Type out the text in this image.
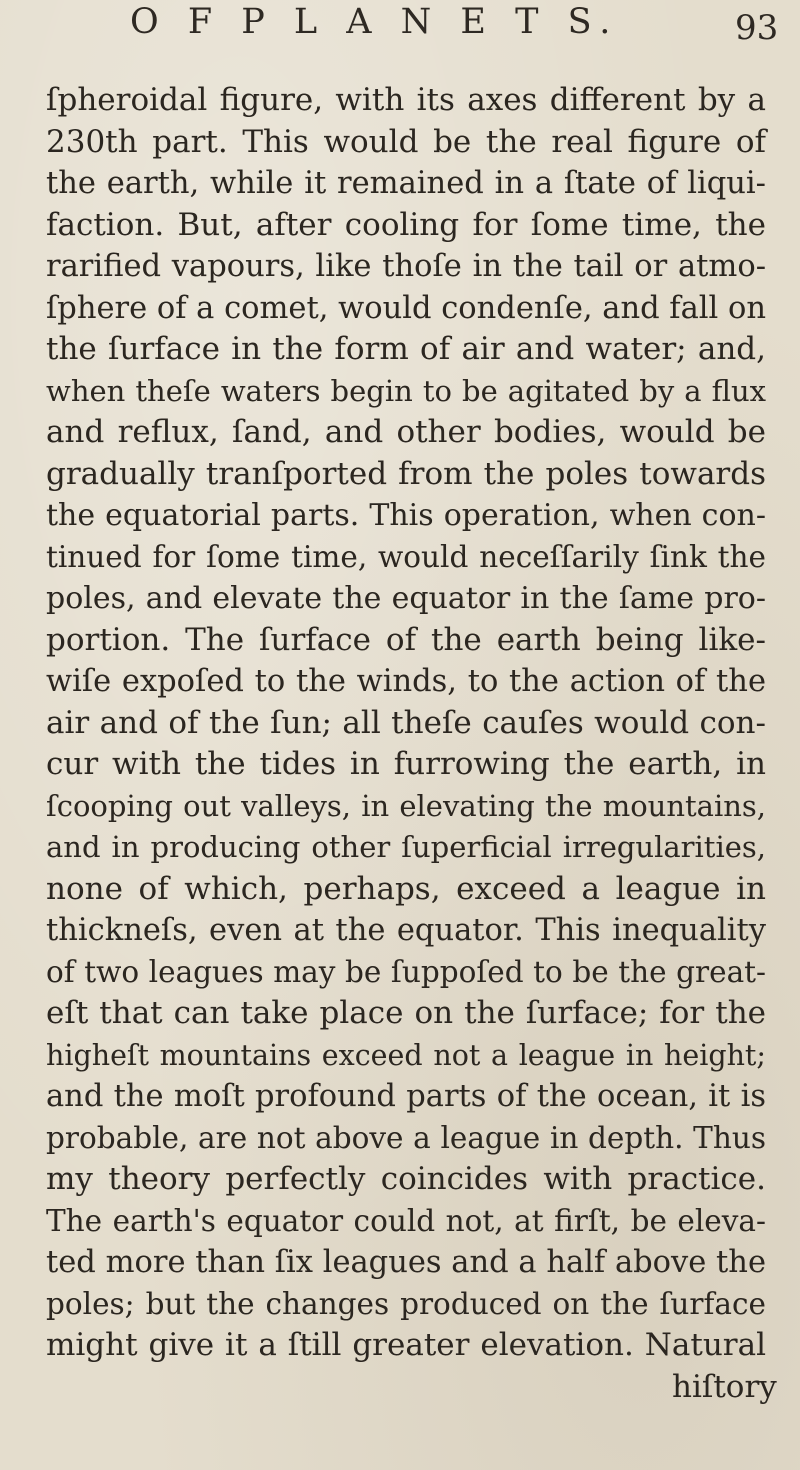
O F P L A N E T S.	93
ſpheroidal figure, with its axes different by a
230th part. This would be the real figure of
the earth, while it remained in a ſtate of liqui-
faction. But, after cooling for ſome time, the
rarified vapours, like thoſe in the tail or atmo-
ſphere of a comet, would condenſe, and fall on
the ſurface in the form of air and water; and,
when theſe waters begin to be agitated by a flux
and reflux, ſand, and other bodies, would be
gradually tranſported from the poles towards
the equatorial parts. This operation, when con-
tinued for ſome time, would neceſſarily ſink the
poles, and elevate the equator in the ſame pro-
portion. The ſurface of the earth being like-
wiſe expoſed to the winds, to the action of the
air and of the ſun; all theſe cauſes would con-
cur with the tides in furrowing the earth, in
ſcooping out valleys, in elevating the mountains,
and in producing other ſuperficial irregularities,
none of which, perhaps, exceed a league in
thickneſs, even at the equator. This inequality
of two leagues may be ſuppoſed to be the great-
eſt that can take place on the ſurface; for the
higheſt mountains exceed not a league in height;
and the moſt profound parts of the ocean, it is
probable, are not above a league in depth. Thus
my theory perfectly coincides with practice.
The earth's equator could not, at firſt, be eleva-
ted more than ſix leagues and a half above the
poles; but the changes produced on the ſurface
might give it a ſtill greater elevation. Natural
hiſtory
